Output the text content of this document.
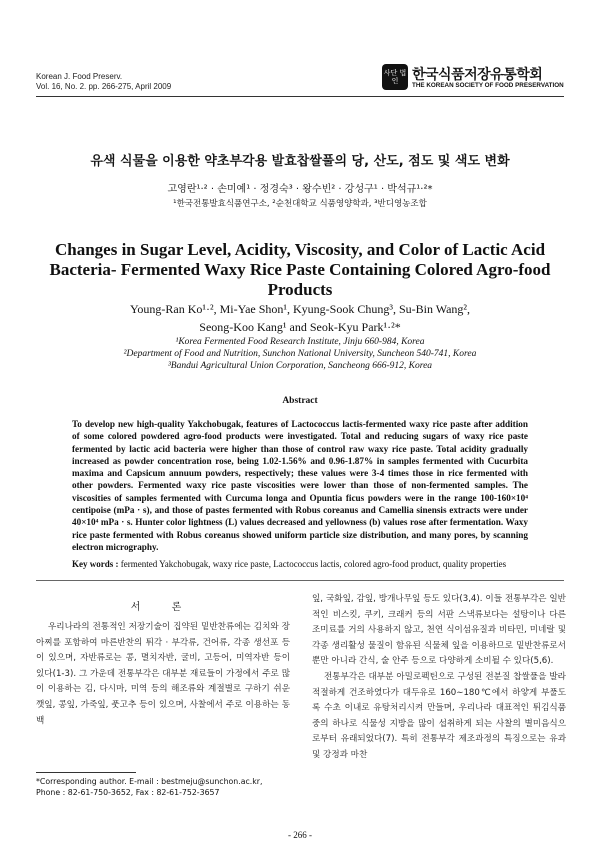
Korean J. Food Preserv.
Vol. 16, No. 2. pp. 266-275, April 2009
사단 법인 한국식품저장유통학회
THE KOREAN SOCIETY OF FOOD PRESERVATION
유색 식물을 이용한 약초부각용 발효찹쌀풀의 당, 산도, 점도 및 색도 변화
고영란¹·² · 손미예¹ · 정경숙³ · 왕수빈² · 강성구¹ · 박석규¹·²*
¹한국전통발효식품연구소, ²순천대학교 식품영양학과, ³반디영농조합
Changes in Sugar Level, Acidity, Viscosity, and Color of Lactic Acid Bacteria- Fermented Waxy Rice Paste Containing Colored Agro-food Products
Young-Ran Ko¹·², Mi-Yae Shon¹, Kyung-Sook Chung³, Su-Bin Wang²,
Seong-Koo Kang¹ and Seok-Kyu Park¹·²*
¹Korea Fermented Food Research Institute, Jinju 660-984, Korea
²Department of Food and Nutrition, Sunchon National University, Suncheon 540-741, Korea
³Bandui Agricultural Union Corporation, Sancheong 666-912, Korea
Abstract
To develop new high-quality Yakchobugak, features of Lactococcus lactis-fermented waxy rice paste after addition of some colored powdered agro-food products were investigated. Total and reducing sugars of waxy rice paste fermented by lactic acid bacteria were higher than those of control raw waxy rice paste. Total acidity gradually increased as powder concentration rose, being 1.02-1.56% and 0.96-1.87% in samples fermented with Cucurbita maxima and Capsicum annuum powders, respectively; these values were 3-4 times those in rice fermented with other powders. Fermented waxy rice paste viscosities were lower than those of non-fermented samples. The viscosities of samples fermented with Curcuma longa and Opuntia ficus powders were in the range 100-160×10⁴ centipoise (mPa · s), and those of pastes fermented with Robus coreanus and Camellia sinensis extracts were under 40×10⁴ mPa · s. Hunter color lightness (L) values decreased and yellowness (b) values rose after fermentation. Waxy rice paste fermented with Robus coreanus showed uniform particle size distribution, and many pores, by scanning electron micrography.
Key words : fermented Yakchobugak, waxy rice paste, Lactococcus lactis, colored agro-food product, quality properties
서 론
우리나라의 전통적인 저장기술이 집약된 밑반찬류에는 김치와 장아찌를 포함하여 마른반찬의 튀각 · 부각류, 건어류, 각종 생선포 등이 있으며, 자반류로는 콩, 멸치자반, 굴비, 고등어, 미역자반 등이 있다(1-3). 그 가운데 전통부각은 대부분 재료들이 가정에서 주로 많이 이용하는 김, 다시마, 미역 등의 해조류와 계절별로 구하기 쉬운 깻잎, 콩잎, 가죽잎, 풋고추 등이 있으며, 사찰에서 주로 이용하는 동백

잎, 국화잎, 감잎, 방개나무잎 등도 있다(3,4). 이들 전통부각은 일반적인 비스킷, 쿠키, 크래커 등의 서판 스낵류보다는 설탕이나 다른 조미료를 거의 사용하지 않고, 천연 식이섬유질과 비타민, 미네랄 및 각종 생리활성 물질이 함유된 식물체 잎을 이용하므로 밑반찬류로서 뿐만 아니라 간식, 술 안주 등으로 다양하게 소비될 수 있다(5,6).

전통부각은 대부분 아밀로펙틴으로 구성된 전분질 찹쌀풀을 발라 적절하게 건조하였다가 대두유로 160∼180℃에서 하얗게 부풀도록 수초 이내로 유탕처리시켜 만들며, 우리나라 대표적인 튀김식품 중의 하나로 식물성 지방을 많이 섭취하게 되는 사찰의 별미음식으로부터 유래되었다(7). 특히 전통부각 제조과정의 특징으로는 유과 및 강정과 마찬

*Corresponding author. E-mail : bestmeju@sunchon.ac.kr,
Phone : 82-61-750-3652, Fax : 82-61-752-3657
- 266 -
